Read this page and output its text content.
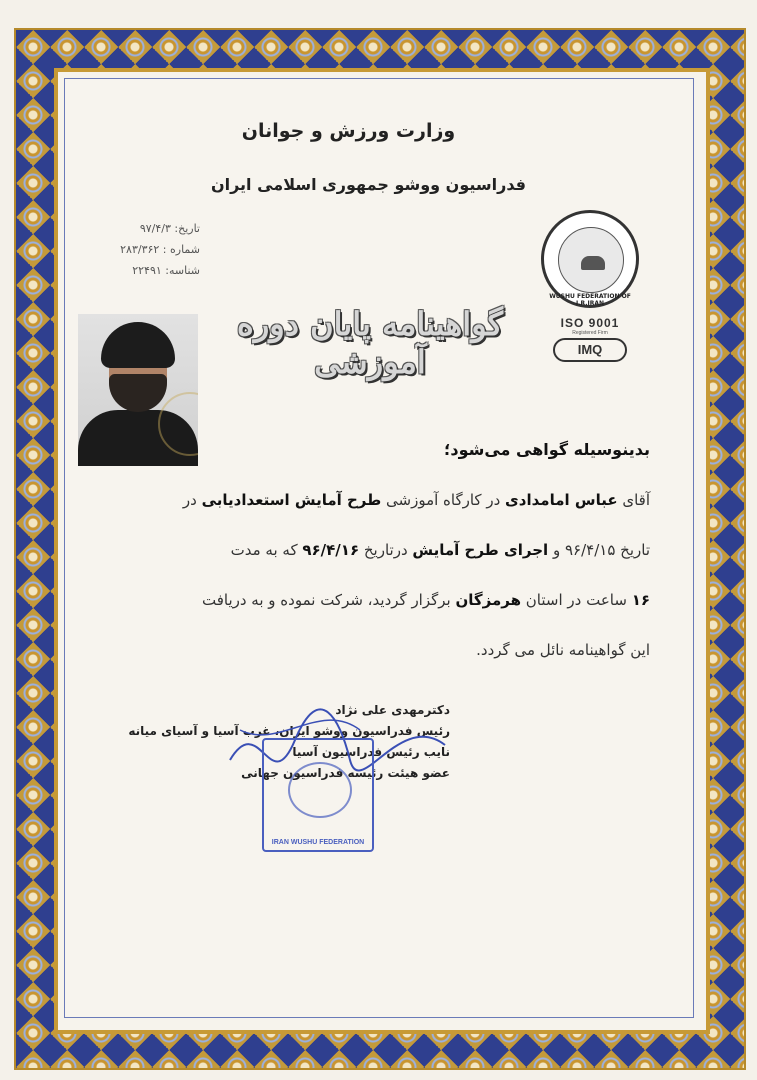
وزارت ورزش و جوانان
فدراسیون ووشو جمهوری اسلامی ایران
تاریخ: ۹۷/۴/۳
شماره : ۲۸۳/۳۶۲
شناسه: ۲۲۴۹۱
WUSHU FEDERATION OF I.R.IRAN
ISO 9001
Registered Firm
IMQ
گواهینامه پایان دوره آموزشی

بدینوسیله گواهی می‌شود؛

آقای عباس امامدادی در کارگاه آموزشی طرح آمایش استعدادیابی در

تاریخ ۹۶/۴/۱۵ و اجرای طرح آمایش درتاریخ ۹۶/۴/۱۶ که به مدت

۱۶ ساعت در استان هرمزگان برگزار گردید، شرکت نموده و به دریافت

این گواهینامه نائل می گردد.

دکترمهدی علی نژاد
رئیس فدراسیون ووشو ایران، غرب آسیا و آسیای میانه
نایب رئیس فدراسیون آسیا
عضو هیئت رئیسه فدراسیون جهانی
IRAN WUSHU FEDERATION
